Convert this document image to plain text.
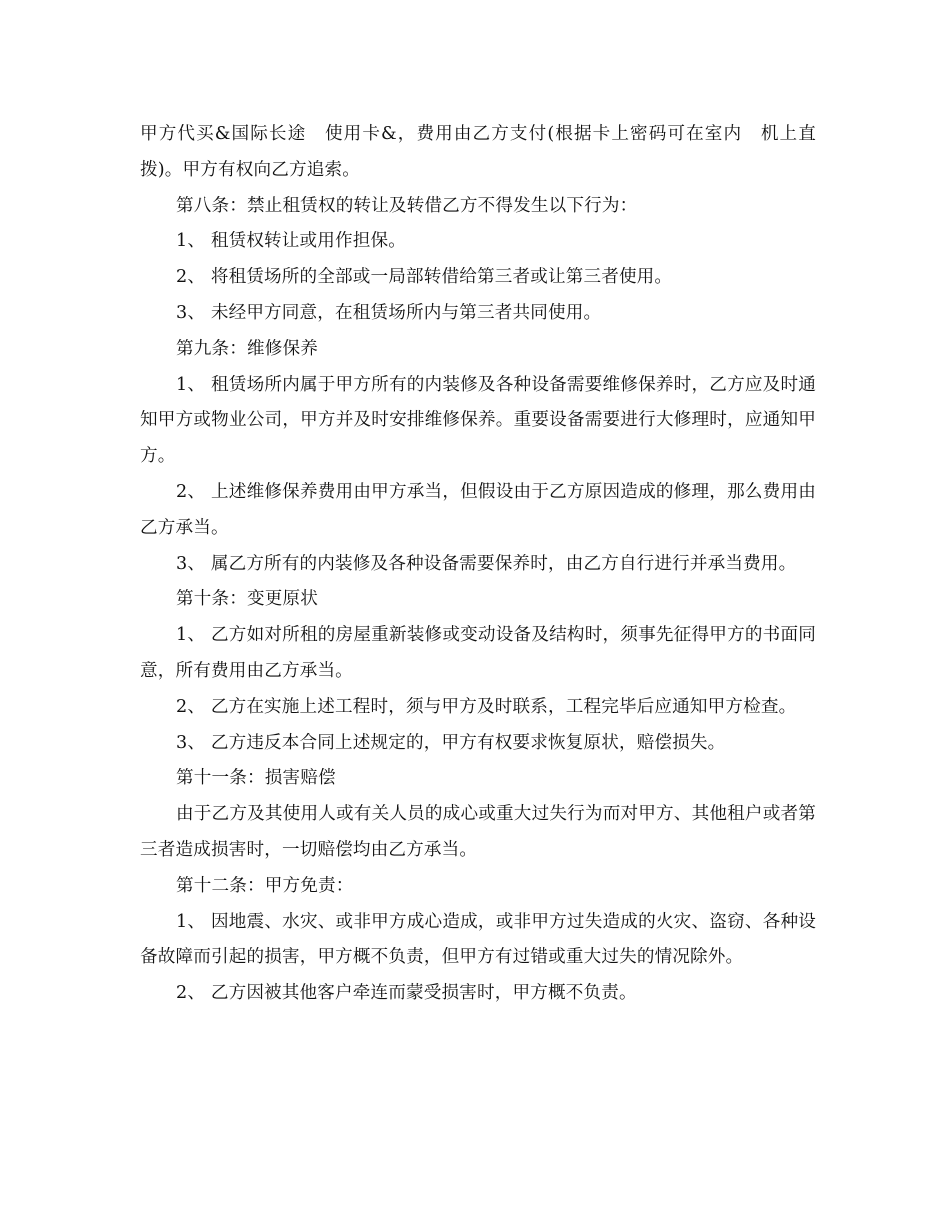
甲方代买&国际长途　使用卡&，费用由乙方支付(根据卡上密码可在室内　机上直拨)。甲方有权向乙方追索。

第八条：禁止租赁权的转让及转借乙方不得发生以下行为：

1、 租赁权转让或用作担保。

2、 将租赁场所的全部或一局部转借给第三者或让第三者使用。

3、 未经甲方同意，在租赁场所内与第三者共同使用。

第九条：维修保养

1、 租赁场所内属于甲方所有的内装修及各种设备需要维修保养时，乙方应及时通知甲方或物业公司，甲方并及时安排维修保养。重要设备需要进行大修理时，应通知甲方。

2、 上述维修保养费用由甲方承当，但假设由于乙方原因造成的修理，那么费用由乙方承当。

3、 属乙方所有的内装修及各种设备需要保养时，由乙方自行进行并承当费用。

第十条：变更原状

1、 乙方如对所租的房屋重新装修或变动设备及结构时，须事先征得甲方的书面同意，所有费用由乙方承当。

2、 乙方在实施上述工程时，须与甲方及时联系，工程完毕后应通知甲方检查。

3、 乙方违反本合同上述规定的，甲方有权要求恢复原状，赔偿损失。

第十一条：损害赔偿

由于乙方及其使用人或有关人员的成心或重大过失行为而对甲方、其他租户或者第三者造成损害时，一切赔偿均由乙方承当。

第十二条：甲方免责：

1、 因地震、水灾、或非甲方成心造成，或非甲方过失造成的火灾、盗窃、各种设备故障而引起的损害，甲方概不负责，但甲方有过错或重大过失的情况除外。

2、 乙方因被其他客户牵连而蒙受损害时，甲方概不负责。
